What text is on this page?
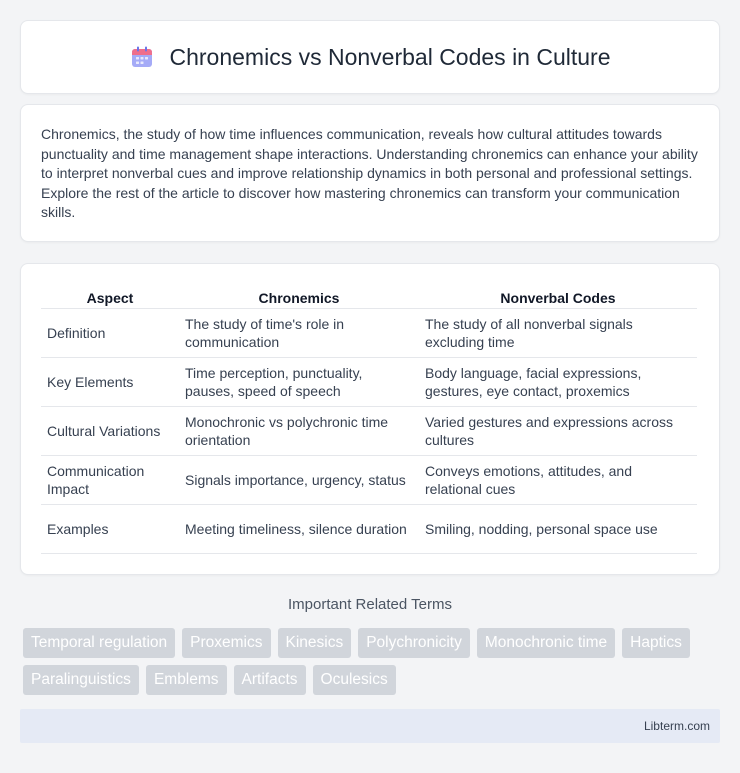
Chronemics vs Nonverbal Codes in Culture

Chronemics, the study of how time influences communication, reveals how cultural attitudes towards punctuality and time management shape interactions. Understanding chronemics can enhance your ability to interpret nonverbal cues and improve relationship dynamics in both personal and professional settings. Explore the rest of the article to discover how mastering chronemics can transform your communication skills.

Aspect	Chronemics	Nonverbal Codes
Definition	The study of time's role in communication	The study of all nonverbal signals excluding time
Key Elements	Time perception, punctuality, pauses, speed of speech	Body language, facial expressions, gestures, eye contact, proxemics
Cultural Variations	Monochronic vs polychronic time orientation	Varied gestures and expressions across cultures
Communication Impact	Signals importance, urgency, status	Conveys emotions, attitudes, and relational cues
Examples	Meeting timeliness, silence duration	Smiling, nodding, personal space use
Important Related Terms
Temporal regulation	Proxemics	Kinesics	Polychronicity	Monochronic time	Haptics
Paralinguistics	Emblems	Artifacts	Oculesics
Libterm.com
